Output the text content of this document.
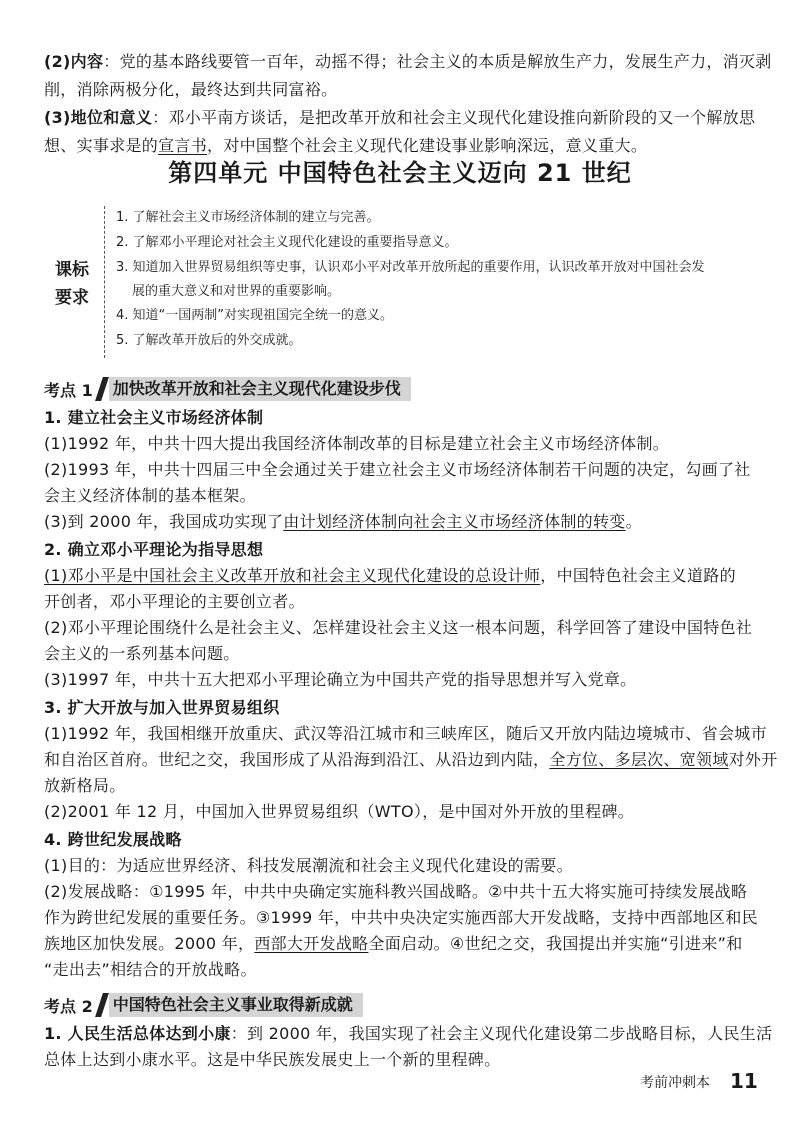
(2)内容：党的基本路线要管一百年，动摇不得；社会主义的本质是解放生产力，发展生产力，消灭剥
削，消除两极分化，最终达到共同富裕。
(3)地位和意义：邓小平南方谈话，是把改革开放和社会主义现代化建设推向新阶段的又一个解放思
想、实事求是的宣言书，对中国整个社会主义现代化建设事业影响深远，意义重大。
第四单元 中国特色社会主义迈向 21 世纪
课标
要求
1. 了解社会主义市场经济体制的建立与完善。
2. 了解邓小平理论对社会主义现代化建设的重要指导意义。
3. 知道加入世界贸易组织等史事，认识邓小平对改革开放所起的重要作用，认识改革开放对中国社会发
展的重大意义和对世界的重要影响。
4. 知道“一国两制”对实现祖国完全统一的意义。
5. 了解改革开放后的外交成就。
考点 1 加快改革开放和社会主义现代化建设步伐
1. 建立社会主义市场经济体制
(1)1992 年，中共十四大提出我国经济体制改革的目标是建立社会主义市场经济体制。
(2)1993 年，中共十四届三中全会通过关于建立社会主义市场经济体制若干问题的决定，勾画了社
会主义经济体制的基本框架。
(3)到 2000 年，我国成功实现了由计划经济体制向社会主义市场经济体制的转变。
2. 确立邓小平理论为指导思想
(1)邓小平是中国社会主义改革开放和社会主义现代化建设的总设计师，中国特色社会主义道路的
开创者，邓小平理论的主要创立者。
(2)邓小平理论围绕什么是社会主义、怎样建设社会主义这一根本问题，科学回答了建设中国特色社
会主义的一系列基本问题。
(3)1997 年，中共十五大把邓小平理论确立为中国共产党的指导思想并写入党章。
3. 扩大开放与加入世界贸易组织
(1)1992 年，我国相继开放重庆、武汉等沿江城市和三峡库区，随后又开放内陆边境城市、省会城市
和自治区首府。世纪之交，我国形成了从沿海到沿江、从沿边到内陆，全方位、多层次、宽领域对外开
放新格局。
(2)2001 年 12 月，中国加入世界贸易组织（WTO），是中国对外开放的里程碑。
4. 跨世纪发展战略
(1)目的：为适应世界经济、科技发展潮流和社会主义现代化建设的需要。
(2)发展战略：①1995 年，中共中央确定实施科教兴国战略。②中共十五大将实施可持续发展战略
作为跨世纪发展的重要任务。③1999 年，中共中央决定实施西部大开发战略，支持中西部地区和民
族地区加快发展。2000 年，西部大开发战略全面启动。④世纪之交，我国提出并实施“引进来”和
“走出去”相结合的开放战略。
考点 2 中国特色社会主义事业取得新成就
1. 人民生活总体达到小康：到 2000 年，我国实现了社会主义现代化建设第二步战略目标，人民生活
总体上达到小康水平。这是中华民族发展史上一个新的里程碑。
考前冲刺本 11
